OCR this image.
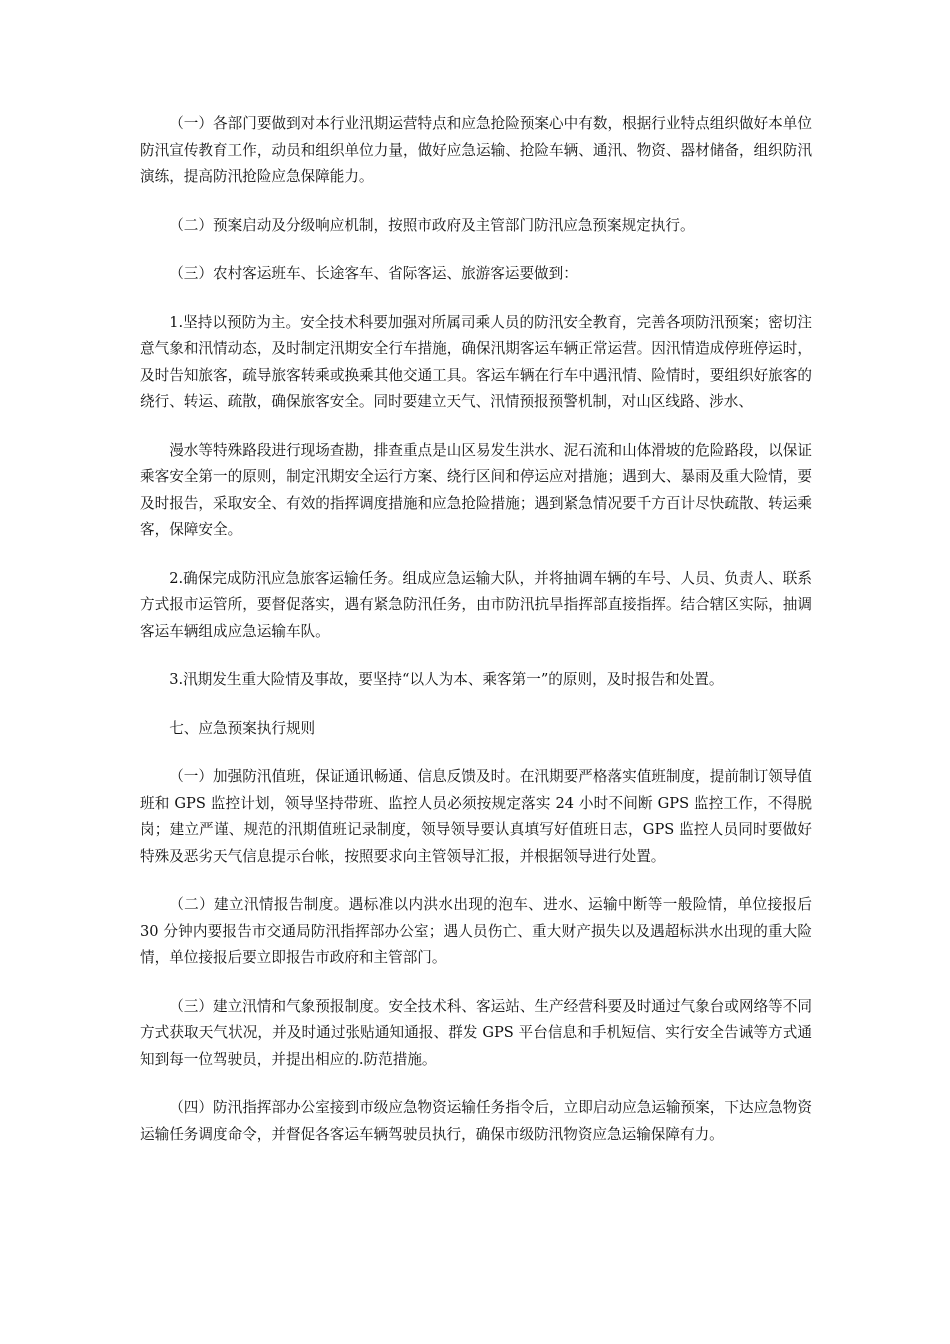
（一）各部门要做到对本行业汛期运营特点和应急抢险预案心中有数，根据行业特点组织做好本单位防汛宣传教育工作，动员和组织单位力量，做好应急运输、抢险车辆、通汛、物资、器材储备，组织防汛演练，提高防汛抢险应急保障能力。

（二）预案启动及分级响应机制，按照市政府及主管部门防汛应急预案规定执行。

（三）农村客运班车、长途客车、省际客运、旅游客运要做到：

1.坚持以预防为主。安全技术科要加强对所属司乘人员的防汛安全教育，完善各项防汛预案；密切注意气象和汛情动态，及时制定汛期安全行车措施，确保汛期客运车辆正常运营。因汛情造成停班停运时，及时告知旅客，疏导旅客转乘或换乘其他交通工具。客运车辆在行车中遇汛情、险情时，要组织好旅客的绕行、转运、疏散，确保旅客安全。同时要建立天气、汛情预报预警机制，对山区线路、涉水、

漫水等特殊路段进行现场查勘，排查重点是山区易发生洪水、泥石流和山体滑坡的危险路段，以保证乘客安全第一的原则，制定汛期安全运行方案、绕行区间和停运应对措施；遇到大、暴雨及重大险情，要及时报告，采取安全、有效的指挥调度措施和应急抢险措施；遇到紧急情况要千方百计尽快疏散、转运乘客，保障安全。

2.确保完成防汛应急旅客运输任务。组成应急运输大队，并将抽调车辆的车号、人员、负责人、联系方式报市运管所，要督促落实，遇有紧急防汛任务，由市防汛抗旱指挥部直接指挥。结合辖区实际，抽调客运车辆组成应急运输车队。

3.汛期发生重大险情及事故，要坚持“以人为本、乘客第一”的原则，及时报告和处置。

七、应急预案执行规则

（一）加强防汛值班，保证通讯畅通、信息反馈及时。在汛期要严格落实值班制度，提前制订领导值班和 GPS 监控计划，领导坚持带班、监控人员必须按规定落实 24 小时不间断 GPS 监控工作，不得脱岗；建立严谨、规范的汛期值班记录制度，领导领导要认真填写好值班日志，GPS 监控人员同时要做好特殊及恶劣天气信息提示台帐，按照要求向主管领导汇报，并根据领导进行处置。

（二）建立汛情报告制度。遇标准以内洪水出现的泡车、进水、运输中断等一般险情，单位接报后 30 分钟内要报告市交通局防汛指挥部办公室；遇人员伤亡、重大财产损失以及遇超标洪水出现的重大险情，单位接报后要立即报告市政府和主管部门。

（三）建立汛情和气象预报制度。安全技术科、客运站、生产经营科要及时通过气象台或网络等不同方式获取天气状况，并及时通过张贴通知通报、群发 GPS 平台信息和手机短信、实行安全告诫等方式通知到每一位驾驶员，并提出相应的.防范措施。

（四）防汛指挥部办公室接到市级应急物资运输任务指令后，立即启动应急运输预案，下达应急物资运输任务调度命令，并督促各客运车辆驾驶员执行，确保市级防汛物资应急运输保障有力。
